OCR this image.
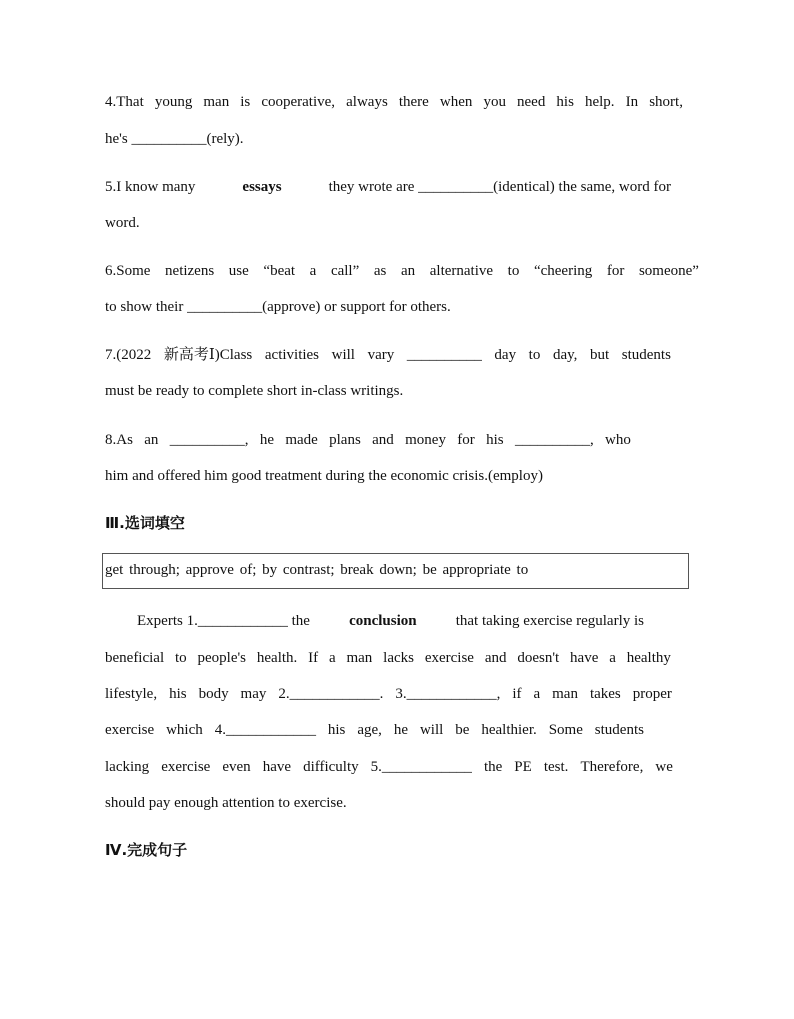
4.That young man is cooperative, always there when you need his help. In short,
he's __________(rely).
5.I know many	essays	they wrote are __________(identical) the same, word for
word.
6.Some netizens use “beat a call” as an alternative to “cheering for someone”
to show their __________(approve) or support for others.
7.(2022 新高考Ⅰ)Class activities will vary __________ day to day, but students
must be ready to complete short in-class writings.
8.As an __________, he made plans and money for his __________, who
him and offered him good treatment during the economic crisis.(employ)
Ⅲ.选词填空
get through; approve of; by contrast; break down; be appropriate to
Experts 1.____________ the conclusion that taking exercise regularly is
beneficial to people's health. If a man lacks exercise and doesn't have a healthy
lifestyle, his body may 2.____________. 3.____________, if a man takes proper
exercise which 4.____________ his age, he will be healthier. Some students
lacking exercise even have difficulty 5.____________ the PE test. Therefore, we
should pay enough attention to exercise.
Ⅳ.完成句子
